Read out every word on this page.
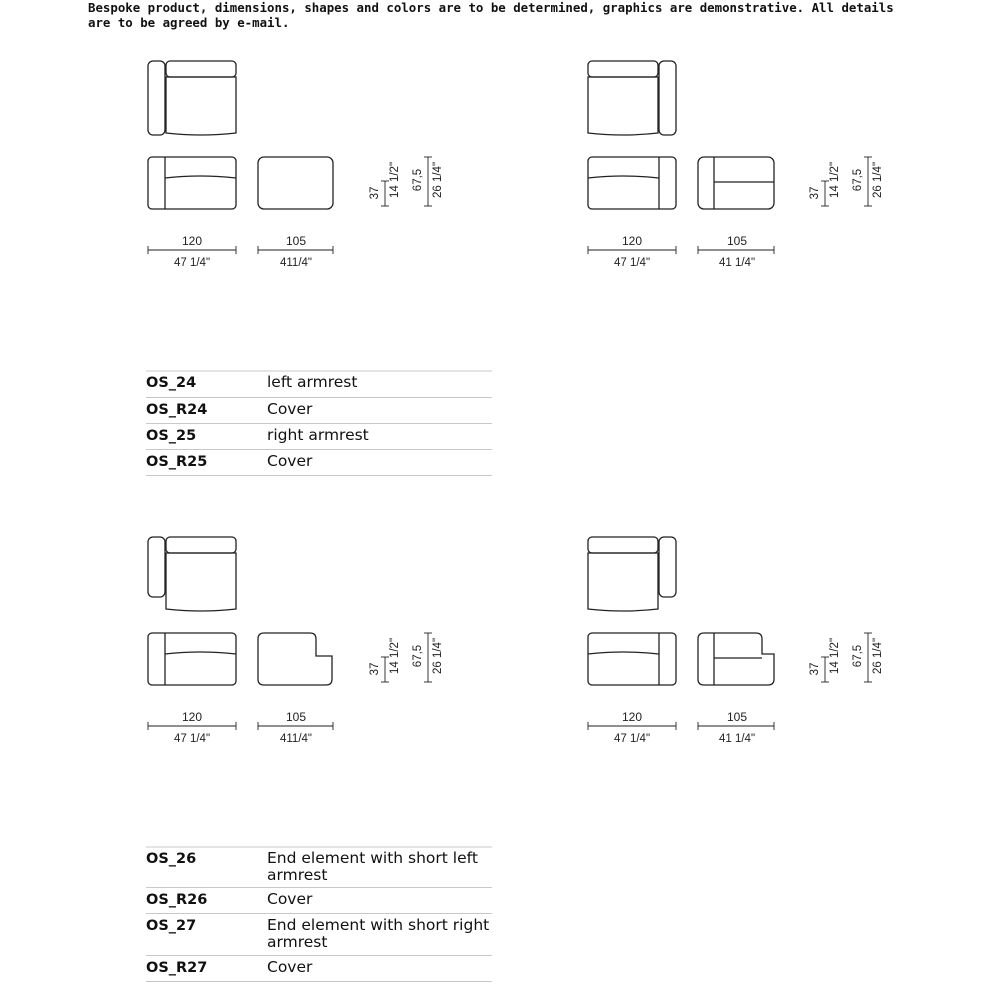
Bespoke product, dimensions, shapes and colors are to be determined, graphics are demonstrative. All details are to be agreed by e-mail.
120
47 1/4"
105
411/4"
37 14 1/2" 67,5 26 1/4"
120
47 1/4"
105
41 1/4"
37 14 1/2" 67,5 26 1/4"
120
47 1/4"
105
411/4"
37 14 1/2" 67,5 26 1/4"
120
47 1/4"
105
41 1/4"
37 14 1/2" 67,5 26 1/4"
OS_24	left armrest
OS_R24	Cover
OS_25	right armrest
OS_R25	Cover
OS_26	End element with short left armrest
OS_R26	Cover
OS_27	End element with short right armrest
OS_R27	Cover
